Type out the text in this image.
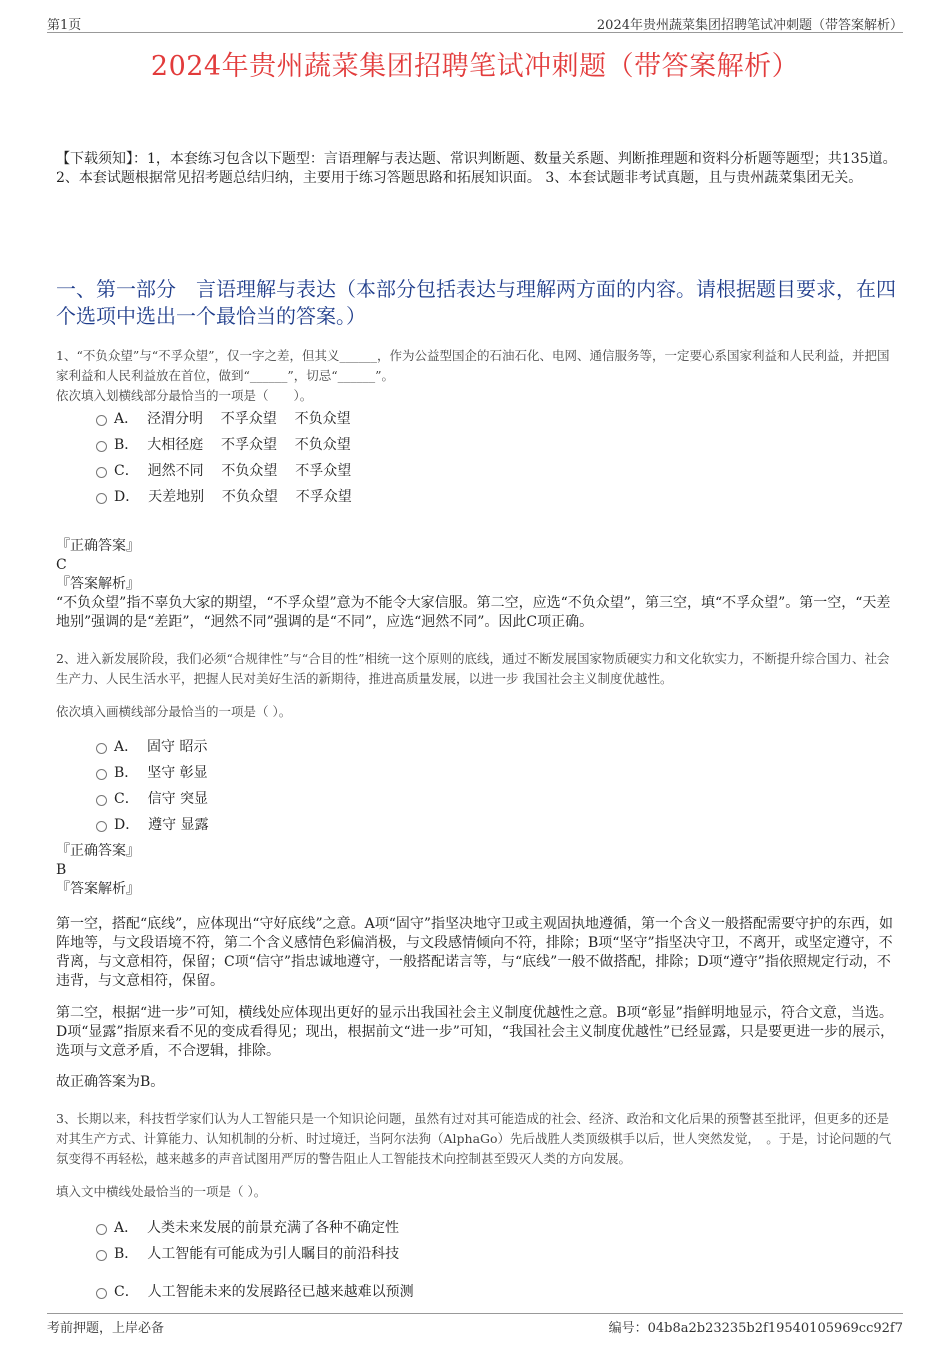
第1页	2024年贵州蔬菜集团招聘笔试冲刺题（带答案解析）
2024年贵州蔬菜集团招聘笔试冲刺题（带答案解析）
【下载须知】：1，本套练习包含以下题型：言语理解与表达题、常识判断题、数量关系题、判断推理题和资料分析题等题型；共135道。 2、本套试题根据常见招考题总结归纳，主要用于练习答题思路和拓展知识面。 3、本套试题非考试真题，且与贵州蔬菜集团无关。
一、第一部分　言语理解与表达（本部分包括表达与理解两方面的内容。请根据题目要求，在四个选项中选出一个最恰当的答案。）
1、“不负众望”与“不孚众望”，仅一字之差，但其义______，作为公益型国企的石油石化、电网、通信服务等，一定要心系国家利益和人民利益，并把国家利益和人民利益放在首位，做到“______”，切忌“______”。
依次填入划横线部分最恰当的一项是（　　）。
A．  泾渭分明    不孚众望    不负众望
B．  大相径庭    不孚众望    不负众望
C．  迥然不同    不负众望    不孚众望
D．  天差地别    不负众望    不孚众望

『正确答案』

C

『答案解析』

“不负众望”指不辜负大家的期望，“不孚众望”意为不能令大家信服。第二空，应选“不负众望”，第三空，填“不孚众望”。第一空，“天差地别”强调的是“差距”，“迥然不同”强调的是“不同”，应选“迥然不同”。因此C项正确。

2、进入新发展阶段，我们必须“合规律性”与“合目的性”相统一这个原则的底线，通过不断发展国家物质硬实力和文化软实力，不断提升综合国力、社会生产力、人民生活水平，把握人民对美好生活的新期待，推进高质量发展，以进一步 我国社会主义制度优越性。
依次填入画横线部分最恰当的一项是（ ）。
A．  固守 昭示
B．  坚守 彰显
C．  信守 突显
D．  遵守 显露

『正确答案』

B

『答案解析』

第一空，搭配“底线”，应体现出“守好底线”之意。A项“固守”指坚决地守卫或主观固执地遵循，第一个含义一般搭配需要守护的东西，如阵地等，与文段语境不符，第二个含义感情色彩偏消极，与文段感情倾向不符，排除；B项“坚守”指坚决守卫，不离开，或坚定遵守，不背离，与文意相符，保留；C项“信守”指忠诚地遵守，一般搭配诺言等，与“底线”一般不做搭配，排除；D项“遵守”指依照规定行动，不违背，与文意相符，保留。
第二空，根据“进一步”可知，横线处应体现出更好的显示出我国社会主义制度优越性之意。B项“彰显”指鲜明地显示，符合文意，当选。D项“显露”指原来看不见的变成看得见；现出，根据前文“进一步”可知，“我国社会主义制度优越性”已经显露，只是要更进一步的展示，选项与文意矛盾，不合逻辑，排除。
故正确答案为B。
3、长期以来，科技哲学家们认为人工智能只是一个知识论问题，虽然有过对其可能造成的社会、经济、政治和文化后果的预警甚至批评，但更多的还是对其生产方式、计算能力、认知机制的分析、时过境迁，当阿尔法狗（AlphaGo）先后战胜人类顶级棋手以后，世人突然发觉，　。于是，讨论问题的气氛变得不再轻松，越来越多的声音试图用严厉的警告阻止人工智能技术向控制甚至毁灭人类的方向发展。
填入文中横线处最恰当的一项是（ ）。
A．  人类未来发展的前景充满了各种不确定性
B．  人工智能有可能成为引人瞩目的前沿科技
C．  人工智能未来的发展路径已越来越难以预测
考前押题，上岸必备	编号：04b8a2b23235b2f19540105969cc92f7
